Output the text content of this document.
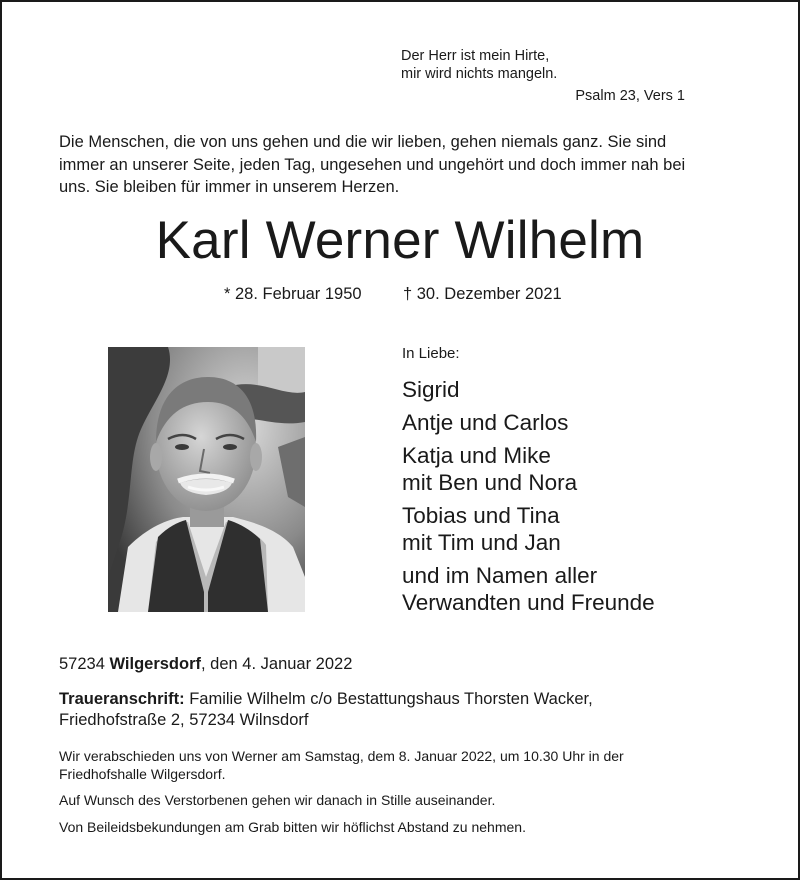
Der Herr ist mein Hirte,
mir wird nichts mangeln.
Psalm 23, Vers 1
Die Menschen, die von uns gehen und die wir lieben, gehen niemals ganz. Sie sind
immer an unserer Seite, jeden Tag, ungesehen und ungehört und doch immer nah bei
uns. Sie bleiben für immer in unserem Herzen.
Karl Werner Wilhelm
* 28. Februar 1950	† 30. Dezember 2021
In Liebe:
Sigrid
Antje und Carlos
Katja und Mike
mit Ben und Nora
Tobias und Tina
mit Tim und Jan
und im Namen aller
Verwandten und Freunde
57234 Wilgersdorf, den 4. Januar 2022
Traueranschrift: Familie Wilhelm c/o Bestattungshaus Thorsten Wacker,
Friedhofstraße 2, 57234 Wilnsdorf
Wir verabschieden uns von Werner am Samstag, dem 8. Januar 2022, um 10.30 Uhr in der
Friedhofshalle Wilgersdorf.
Auf Wunsch des Verstorbenen gehen wir danach in Stille auseinander.
Von Beileidsbekundungen am Grab bitten wir höflichst Abstand zu nehmen.
